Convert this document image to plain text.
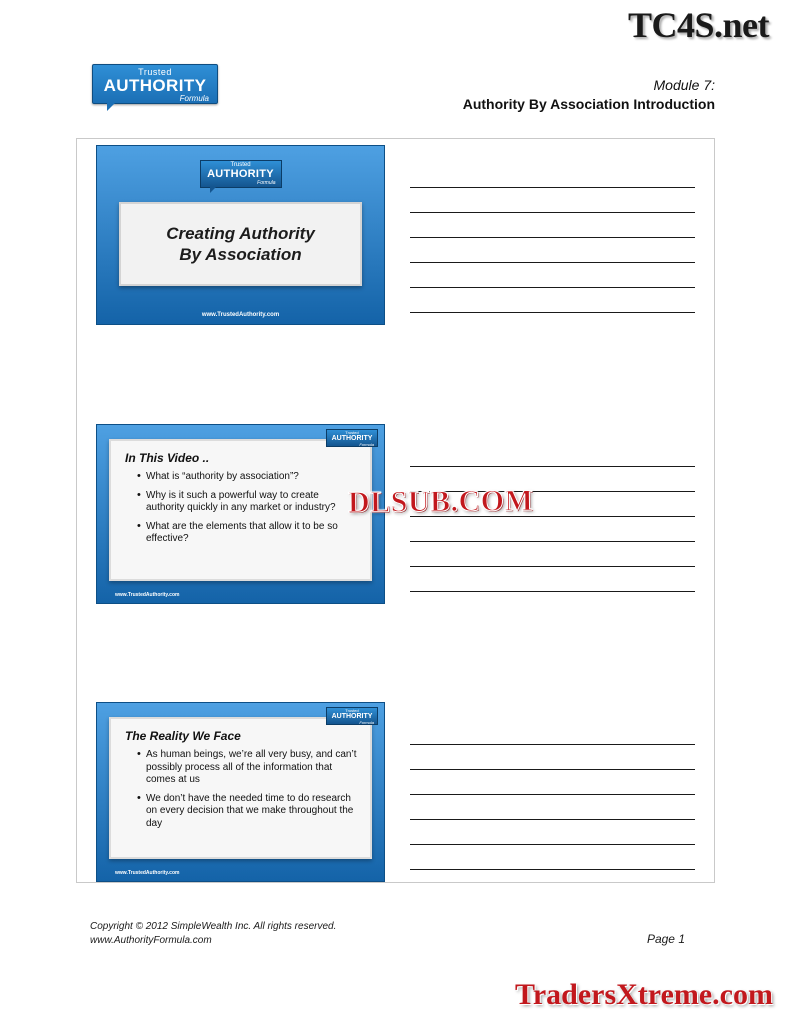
TC4S.net
Trusted
AUTHORITY
Formula
Module 7:
Authority By Association Introduction
Trusted
AUTHORITY
Formula
Creating Authority
By Association
www.TrustedAuthority.com
Trusted
AUTHORITY
Formula
In This Video ..
• What is “authority by association”?
• Why is it such a powerful way to create authority quickly in any market or industry?
• What are the elements that allow it to be so effective?
www.TrustedAuthority.com
Trusted
AUTHORITY
Formula
The Reality We Face
• As human beings, we’re all very busy, and can’t possibly process all of the information that comes at us
• We don’t have the needed time to do research on every decision that we make throughout the day
www.TrustedAuthority.com
DLSUB.COM
Copyright © 2012 SimpleWealth Inc. All rights reserved.
www.AuthorityFormula.com	Page 1
TradersXtreme.com
